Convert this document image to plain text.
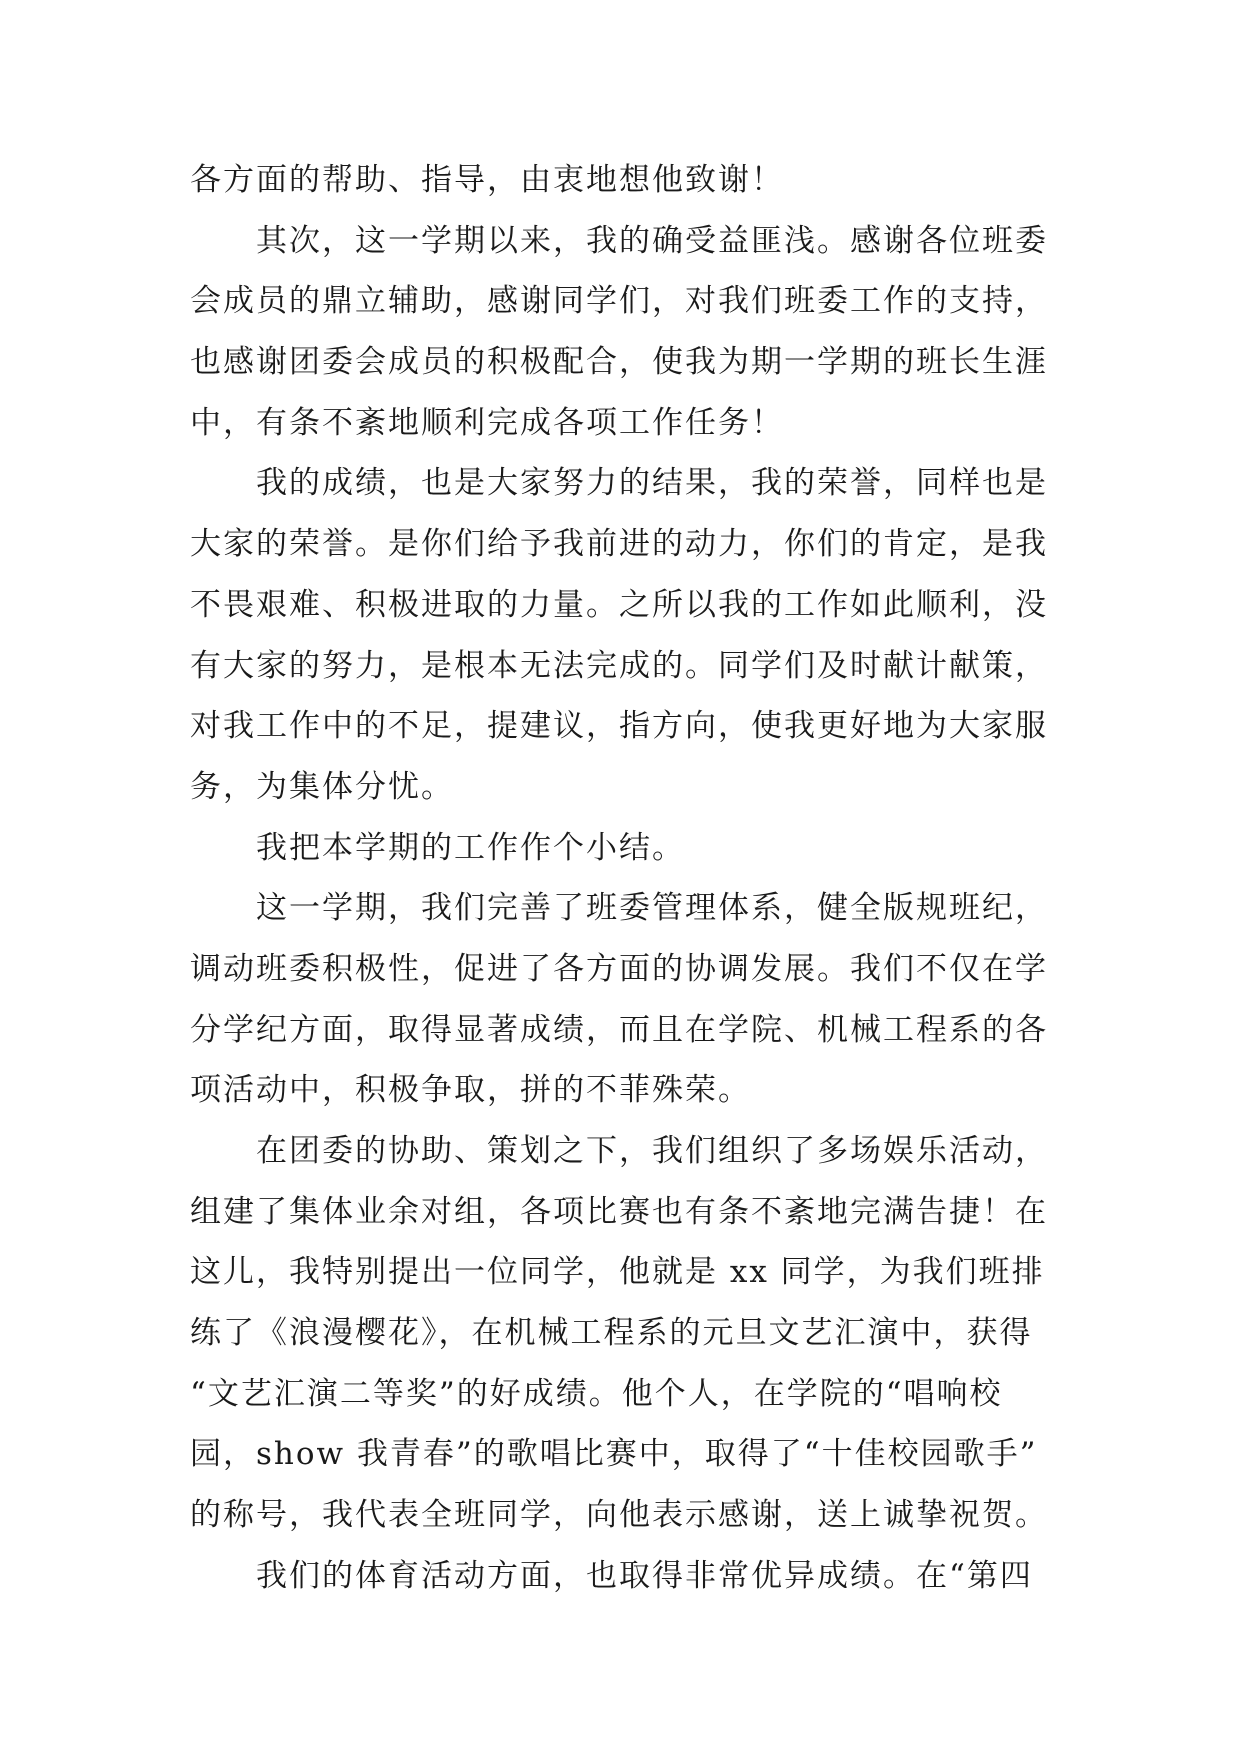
各方面的帮助、指导，由衷地想他致谢！
其次，这一学期以来，我的确受益匪浅。感谢各位班委
会成员的鼎立辅助，感谢同学们，对我们班委工作的支持，
也感谢团委会成员的积极配合，使我为期一学期的班长生涯
中，有条不紊地顺利完成各项工作任务！
我的成绩，也是大家努力的结果，我的荣誉，同样也是
大家的荣誉。是你们给予我前进的动力，你们的肯定，是我
不畏艰难、积极进取的力量。之所以我的工作如此顺利，没
有大家的努力，是根本无法完成的。同学们及时献计献策，
对我工作中的不足，提建议，指方向，使我更好地为大家服
务，为集体分忧。
我把本学期的工作作个小结。
这一学期，我们完善了班委管理体系，健全版规班纪，
调动班委积极性，促进了各方面的协调发展。我们不仅在学
分学纪方面，取得显著成绩，而且在学院、机械工程系的各
项活动中，积极争取，拼的不菲殊荣。
在团委的协助、策划之下，我们组织了多场娱乐活动，
组建了集体业余对组，各项比赛也有条不紊地完满告捷！在
这儿，我特别提出一位同学，他就是 xx 同学，为我们班排
练了《浪漫樱花》，在机械工程系的元旦文艺汇演中，获得
“文艺汇演二等奖”的好成绩。他个人，在学院的“唱响校
园，show 我青春”的歌唱比赛中，取得了“十佳校园歌手”
的称号，我代表全班同学，向他表示感谢，送上诚挚祝贺。
我们的体育活动方面，也取得非常优异成绩。在“第四
